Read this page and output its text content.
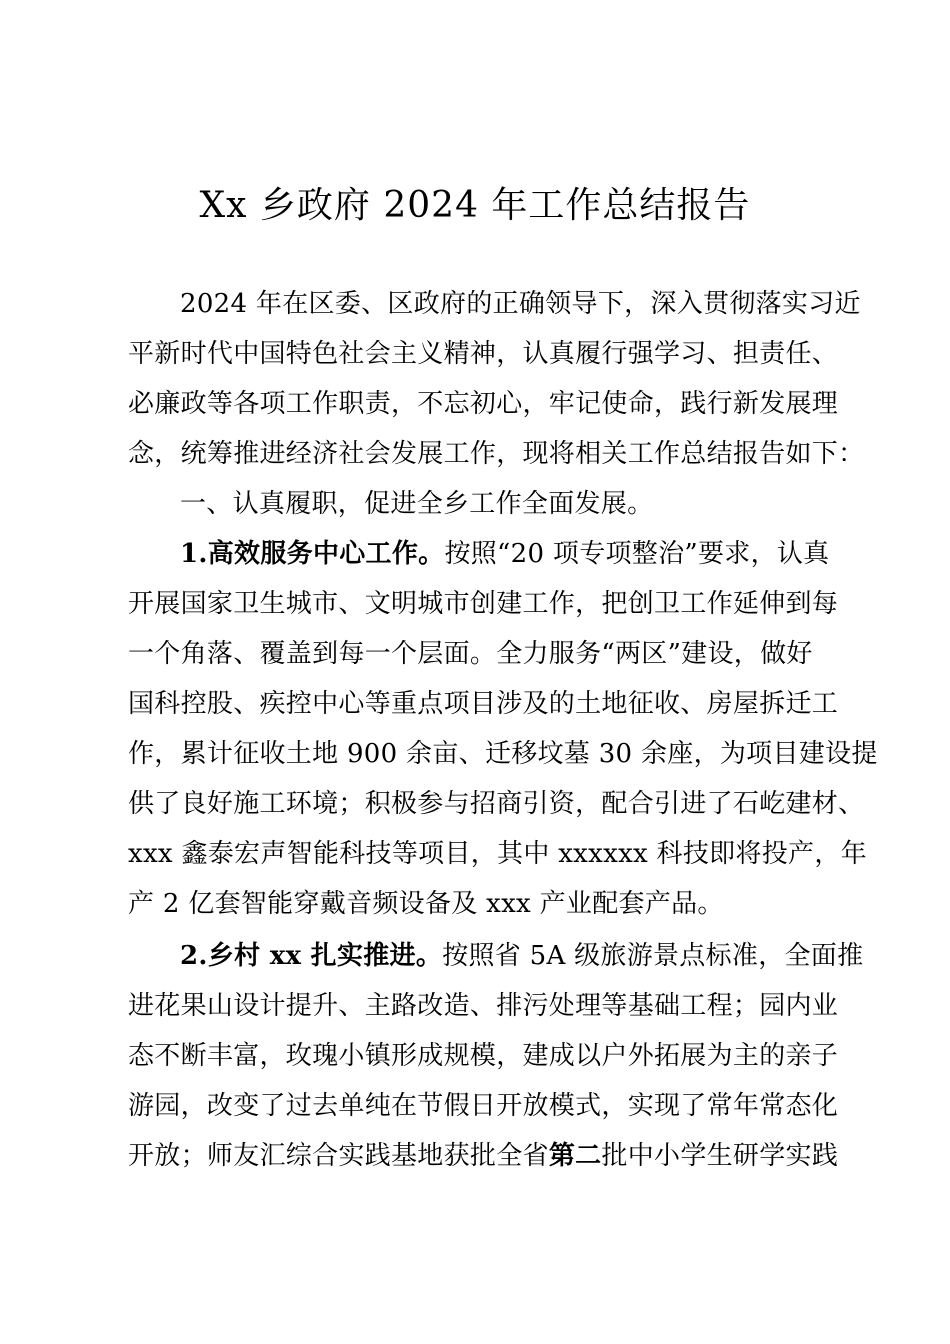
Xx 乡政府 2024 年工作总结报告
2024 年在区委、区政府的正确领导下，深入贯彻落实习近
平新时代中国特色社会主义精神，认真履行强学习、担责任、
必廉政等各项工作职责，不忘初心，牢记使命，践行新发展理
念，统筹推进经济社会发展工作，现将相关工作总结报告如下：
一、认真履职，促进全乡工作全面发展。
1.高效服务中心工作。按照“20 项专项整治”要求，认真
开展国家卫生城市、文明城市创建工作，把创卫工作延伸到每
一个角落、覆盖到每一个层面。全力服务“两区”建设，做好
国科控股、疾控中心等重点项目涉及的土地征收、房屋拆迁工
作，累计征收土地 900 余亩、迁移坟墓 30 余座，为项目建设提
供了良好施工环境；积极参与招商引资，配合引进了石屹建材、
xxx 鑫泰宏声智能科技等项目，其中 xxxxxx 科技即将投产，年
产 2 亿套智能穿戴音频设备及 xxx 产业配套产品。
2.乡村 xx 扎实推进。按照省 5A 级旅游景点标准，全面推
进花果山设计提升、主路改造、排污处理等基础工程；园内业
态不断丰富，玫瑰小镇形成规模，建成以户外拓展为主的亲子
游园，改变了过去单纯在节假日开放模式，实现了常年常态化
开放；师友汇综合实践基地获批全省第二批中小学生研学实践
